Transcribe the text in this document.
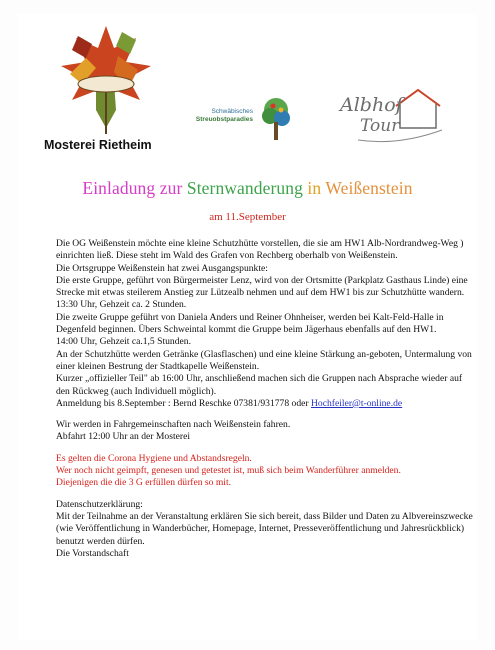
Mosterei Rietheim
Schwäbisches
Streuobstparadies
Albhof
Tour
Einladung zur Sternwanderung in Weißenstein
am 11.September

Die OG Weißenstein möchte eine kleine Schutzhütte vorstellen, die sie am HW1 Alb-Nordrandweg-Weg ) einrichten ließ. Diese steht im Wald des Grafen von Rechberg oberhalb von Weißenstein.

Die Ortsgruppe Weißenstein hat zwei Ausgangspunkte:

Die erste Gruppe, geführt von Bürgermeister Lenz, wird von der Ortsmitte (Parkplatz Gasthaus Linde) eine Strecke mit etwas steilerem Anstieg zur Lützealb nehmen und auf dem HW1 bis zur Schutzhütte wandern.

13:30 Uhr, Gehzeit ca. 2 Stunden.

Die zweite Gruppe geführt von Daniela Anders und Reiner Ohnheiser, werden bei Kalt-Feld-Halle in Degenfeld beginnen. Übers Schweintal kommt die Gruppe beim Jägerhaus ebenfalls auf den HW1.

14:00 Uhr, Gehzeit ca.1,5 Stunden.

An der Schutzhütte werden Getränke (Glasflaschen) und eine kleine Stärkung an-geboten, Untermalung von einer kleinen Bestrung der Stadtkapelle Weißenstein.

Kurzer „offizieller Teil" ab 16:00 Uhr, anschließend machen sich die Gruppen nach Absprache wieder auf den Rückweg (auch Individuell möglich).

Anmeldung bis 8.September : Bernd Reschke 07381/931778 oder Hochfeiler@t-online.de

Wir werden in Fahrgemeinschaften nach Weißenstein fahren.

Abfahrt 12:00 Uhr an der Mosterei

Es gelten die Corona Hygiene und Abstandsregeln.

Wer noch nicht geimpft, genesen und getestet ist, muß sich beim Wanderführer anmelden.

Diejenigen die die 3 G erfüllen dürfen so mit.

Datenschutzerklärung:

Mit der Teilnahme an der Veranstaltung erklären Sie sich bereit, dass Bilder und Daten zu Albvereinszwecke (wie Veröffentlichung in Wanderbücher, Homepage, Internet, Presseveröffentlichung und Jahresrückblick) benutzt werden dürfen.

Die Vorstandschaft
